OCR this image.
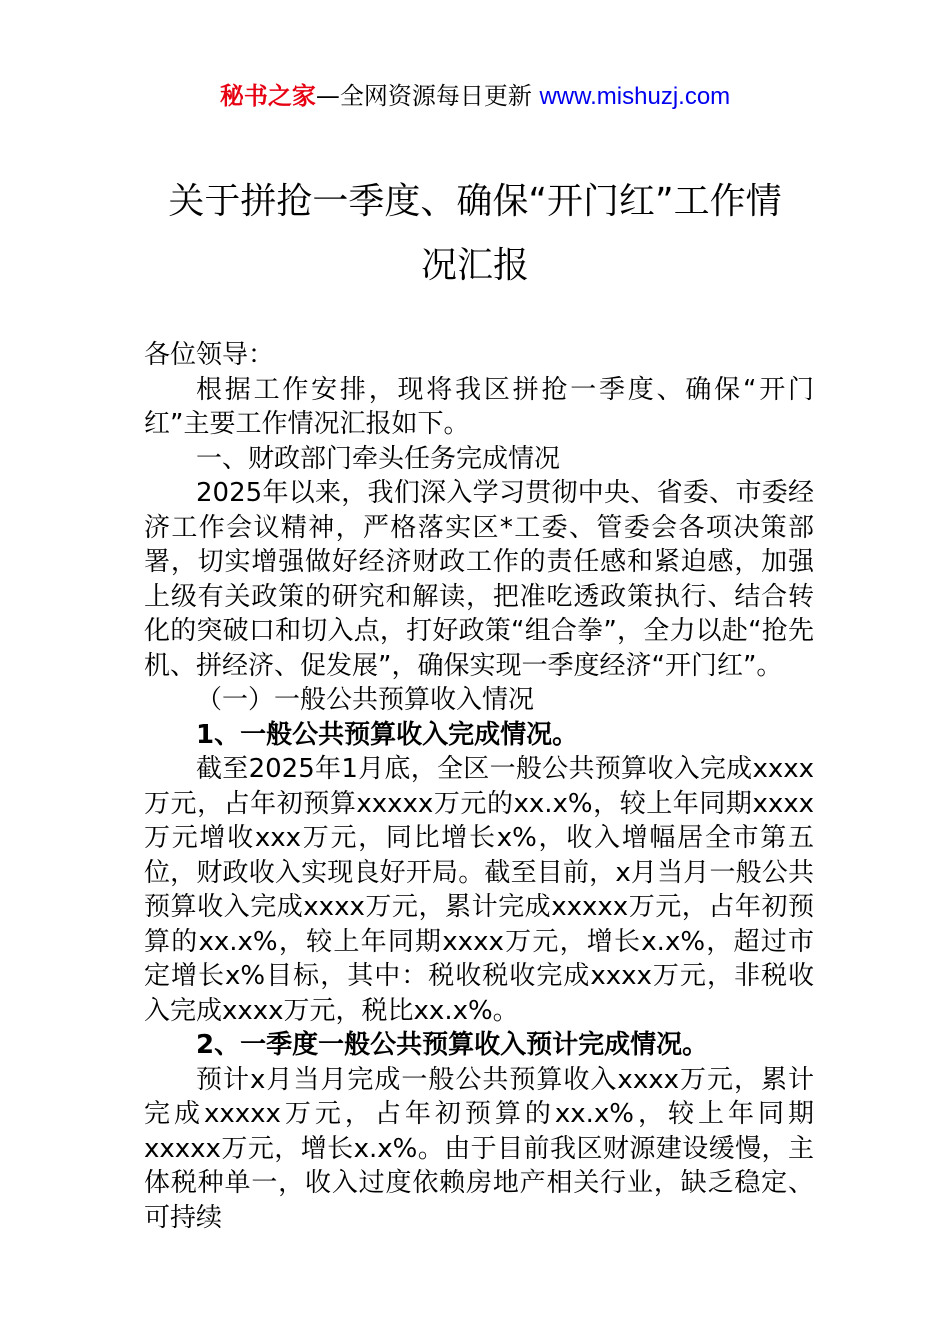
秘书之家—全网资源每日更新 www.mishuzj.com
关于拼抢一季度、确保“开门红”工作情
况汇报

各位领导：

根据工作安排，现将我区拼抢一季度、确保“开门红”主要工作情况汇报如下。

一、财政部门牵头任务完成情况

2025年以来，我们深入学习贯彻中央、省委、市委经济工作会议精神，严格落实区*工委、管委会各项决策部署，切实增强做好经济财政工作的责任感和紧迫感，加强上级有关政策的研究和解读，把准吃透政策执行、结合转化的突破口和切入点，打好政策“组合拳”，全力以赴“抢先机、拼经济、促发展”，确保实现一季度经济“开门红”。

（一）一般公共预算收入情况

1、一般公共预算收入完成情况。

截至2025年1月底，全区一般公共预算收入完成xxxx万元，占年初预算xxxxx万元的xx.x%，较上年同期xxxx万元增收xxx万元，同比增长x%，收入增幅居全市第五位，财政收入实现良好开局。截至目前，x月当月一般公共预算收入完成xxxx万元，累计完成xxxxx万元，占年初预算的xx.x%，较上年同期xxxx万元，增长x.x%，超过市定增长x%目标，其中：税收税收完成xxxx万元，非税收入完成xxxx万元，税比xx.x%。

2、一季度一般公共预算收入预计完成情况。

预计x月当月完成一般公共预算收入xxxx万元，累计完成xxxxx万元，占年初预算的xx.x%，较上年同期xxxxx万元，增长x.x%。由于目前我区财源建设缓慢，主体税种单一，收入过度依赖房地产相关行业，缺乏稳定、可持续
